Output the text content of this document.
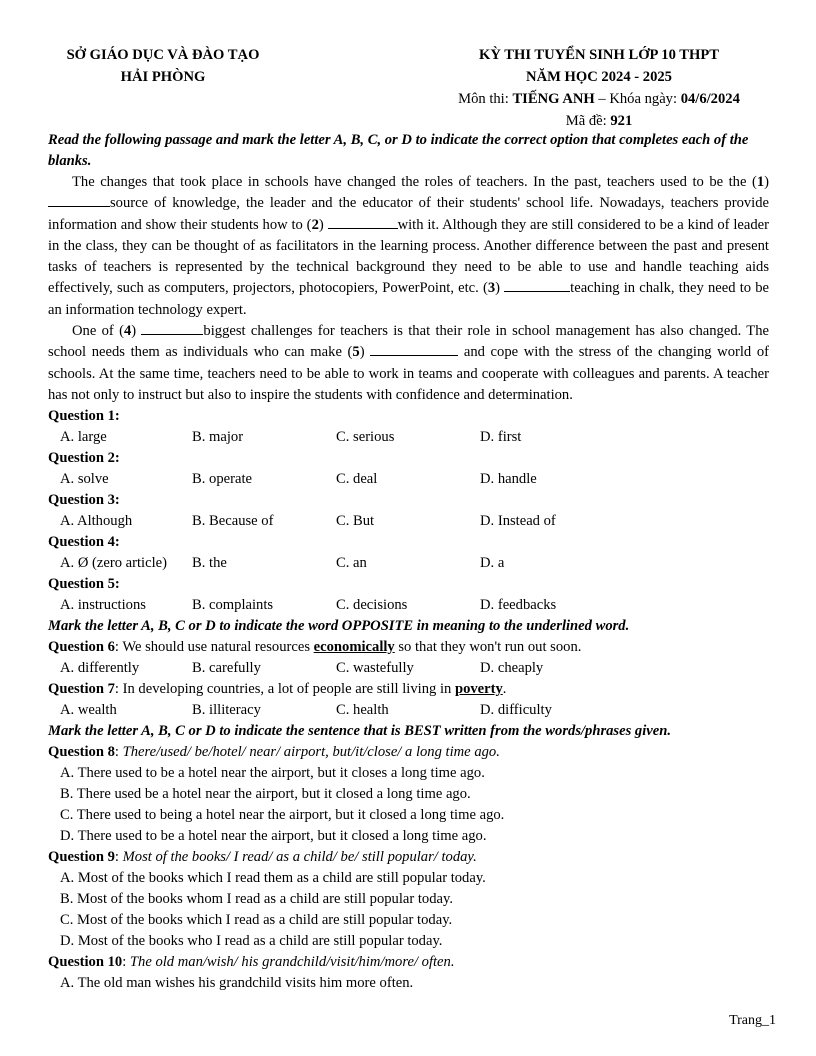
SỞ GIÁO DỤC VÀ ĐÀO TẠO
HẢI PHÒNG
KỲ THI TUYỂN SINH LỚP 10 THPT
NĂM HỌC 2024 - 2025
Môn thi: TIẾNG ANH – Khóa ngày: 04/6/2024
Mã đề: 921
Read the following passage and mark the letter A, B, C, or D to indicate the correct option that completes each of the blanks.

The changes that took place in schools have changed the roles of teachers. In the past, teachers used to be the (1) source of knowledge, the leader and the educator of their students' school life. Nowadays, teachers provide information and show their students how to (2)	with it. Although they are still considered to be a kind of leader in the class, they can be thought of as facilitators in the learning process. Another difference between the past and present tasks of teachers is represented by the technical background they need to be able to use and handle teaching aids effectively, such as computers, projectors, photocopiers, PowerPoint, etc. (3)	teaching in chalk, they need to be an information technology expert.

One of (4)	biggest challenges for teachers is that their role in school management has also changed. The school needs them as individuals who can make (5)	and cope with the stress of the changing world of schools. At the same time, teachers need to be able to work in teams and cooperate with colleagues and parents. A teacher has not only to instruct but also to inspire the students with confidence and determination.

Question 1:
A. large	B. major	C. serious	D. first
Question 2:
A. solve	B. operate	C. deal	D. handle
Question 3:
A. Although	B. Because of	C. But	D. Instead of
Question 4:
A. Ø (zero article)	B. the	C. an	D. a
Question 5:
A. instructions	B. complaints	C. decisions	D. feedbacks
Mark the letter A, B, C or D to indicate the word OPPOSITE in meaning to the underlined word.
Question 6: We should use natural resources economically so that they won't run out soon.
A. differently	B. carefully	C. wastefully	D. cheaply
Question 7: In developing countries, a lot of people are still living in poverty.
A. wealth	B. illiteracy	C. health	D. difficulty
Mark the letter A, B, C or D to indicate the sentence that is BEST written from the words/phrases given.
Question 8: There/used/ be/hotel/ near/ airport, but/it/close/ a long time ago.
A. There used to be a hotel near the airport, but it closes a long time ago.
B. There used be a hotel near the airport, but it closed a long time ago.
C. There used to being a hotel near the airport, but it closed a long time ago.
D. There used to be a hotel near the airport, but it closed a long time ago.
Question 9: Most of the books/ I read/ as a child/ be/ still popular/ today.
A. Most of the books which I read them as a child are still popular today.
B. Most of the books whom I read as a child are still popular today.
C. Most of the books which I read as a child are still popular today.
D. Most of the books who I read as a child are still popular today.
Question 10: The old man/wish/ his grandchild/visit/him/more/ often.
A. The old man wishes his grandchild visits him more often.
Trang_1
